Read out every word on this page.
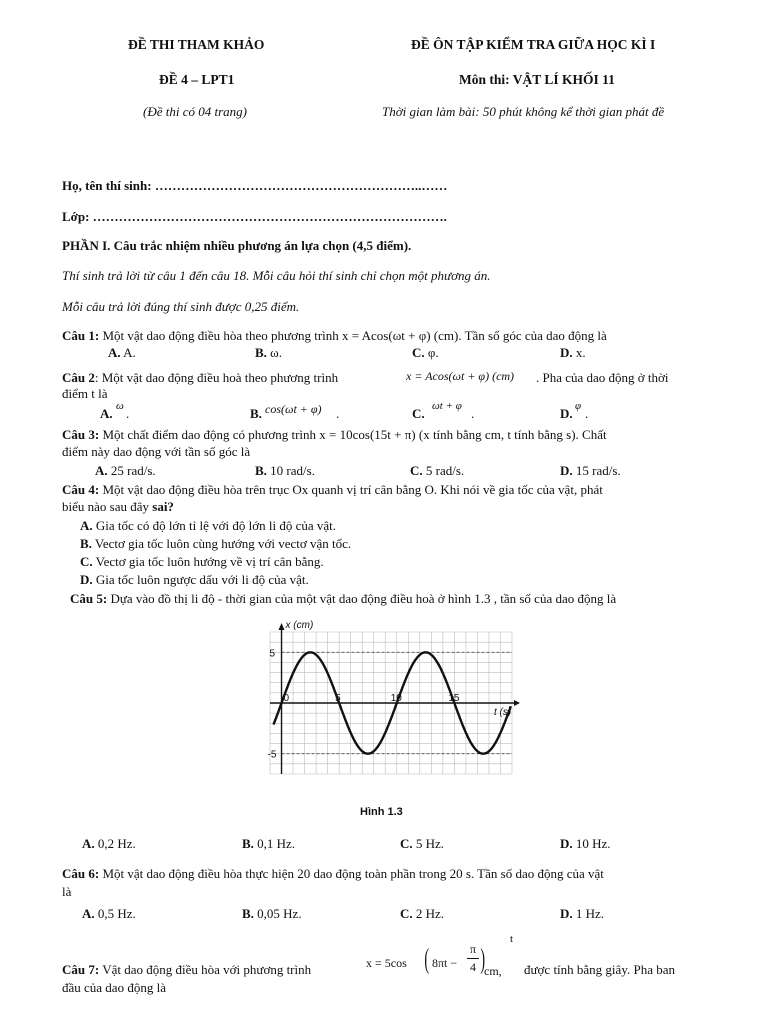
ĐỀ THI THAM KHẢO	ĐỀ ÔN TẬP KIỂM TRA GIỮA HỌC KÌ I
ĐỀ 4 – LPT1	Môn thi: VẬT LÍ KHỐI 11
(Đề thi có 04 trang)	Thời gian làm bài: 50 phút không kể thời gian phát đề
Họ, tên thí sinh: ……………………………………………………..……
Lớp: ……………………………………………………………………….
PHẦN I. Câu trắc nhiệm nhiều phương án lựa chọn (4,5 điểm).
Thí sinh trả lời từ câu 1 đến câu 18. Mỗi câu hỏi thí sinh chỉ chọn một phương án.
Mỗi câu trả lời đúng thí sinh được 0,25 điểm.
Câu 1: Một vật dao động điều hòa theo phương trình x = Acos(ωt + φ) (cm). Tần số góc của dao động là
A. A.	B. ω.	C. φ.	D. x.
Câu 2: Một vật dao động điều hoà theo phương trình	x = Acos(ωt + φ) (cm) . Pha của dao động ở thời
điểm t là
A. ω .	B. cos(ωt + φ) .	C. ωt + φ .	D. φ .
Câu 3: Một chất điểm dao động có phương trình x = 10cos(15t + π) (x tính bằng cm, t tính bằng s). Chất
điểm này dao động với tần số góc là
A. 25 rad/s.	B. 10 rad/s.	C. 5 rad/s.	D. 15 rad/s.
Câu 4: Một vật dao động điều hòa trên trục Ox quanh vị trí cân bằng O. Khi nói về gia tốc của vật, phát
biểu nào sau đây sai?
A. Gia tốc có độ lớn tỉ lệ với độ lớn li độ của vật.
B. Vectơ gia tốc luôn cùng hướng với vectơ vận tốc.
C. Vectơ gia tốc luôn hướng về vị trí cân bằng.
D. Gia tốc luôn ngược dấu với li độ của vật.
Câu 5: Dựa vào đồ thị li độ - thời gian của một vật dao động điều hoà ở hình 1.3 , tần số của dao động là
x (cm)
t (s)
0	5	10	15
5
-5
Hình 1.3
A. 0,2 Hz.	B. 0,1 Hz.	C. 5 Hz.	D. 10 Hz.
Câu 6: Một vật dao động điều hòa thực hiện 20 dao động toàn phần trong 20 s. Tần số dao động của vật
là
A. 0,5 Hz.	B. 0,05 Hz.	C. 2 Hz.	D. 1 Hz.
Câu 7: Vật dao động điều hòa với phương trình	x = 5cos ( 8πt −
π
4 ) cm,
t
được tính bằng giây. Pha ban
đầu của dao động là
